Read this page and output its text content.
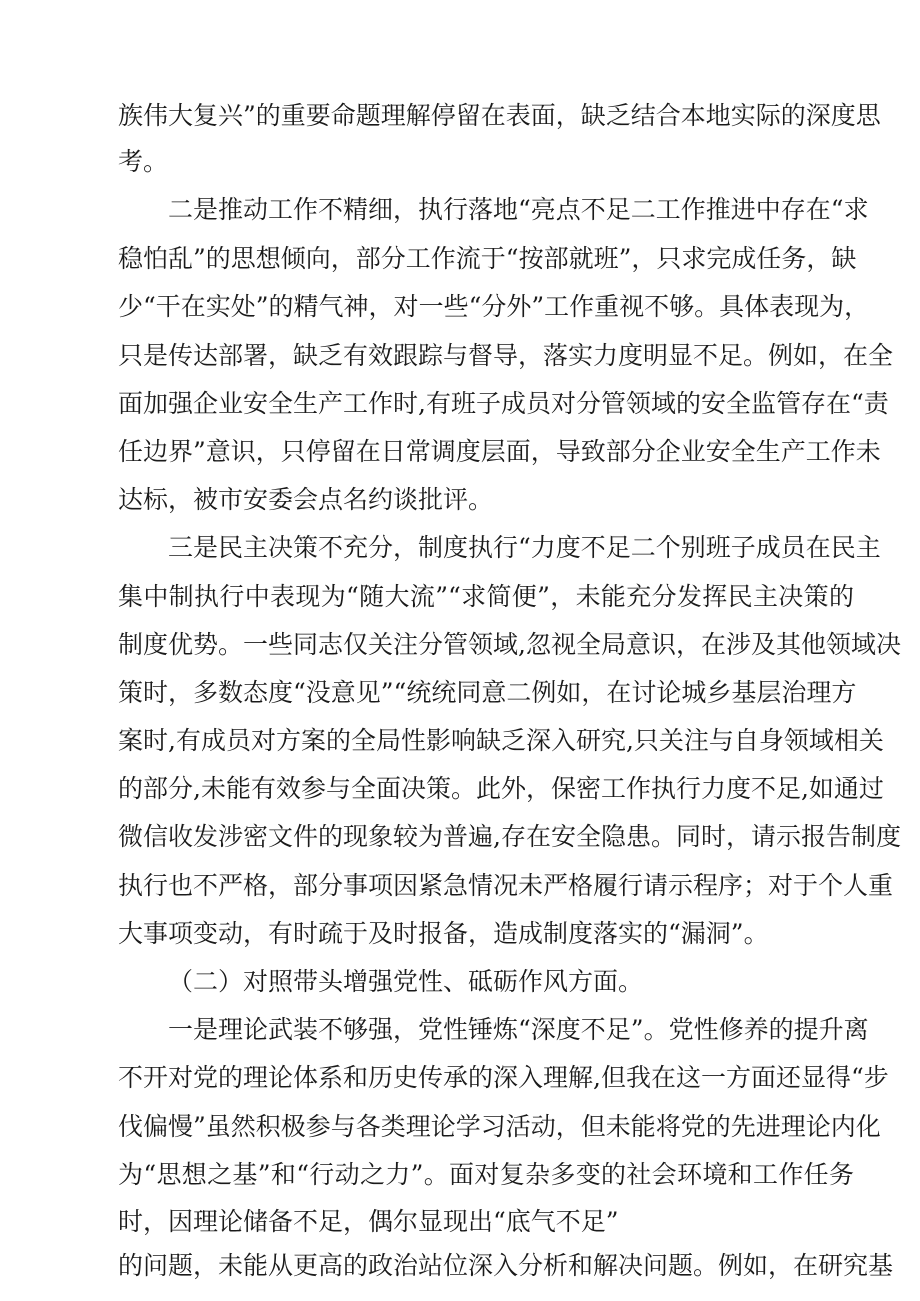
族伟大复兴”的重要命题理解停留在表面，缺乏结合本地实际的深度思
考。
二是推动工作不精细，执行落地“亮点不足二工作推进中存在“求
稳怕乱”的思想倾向，部分工作流于“按部就班”，只求完成任务，缺
少“干在实处”的精气神，对一些“分外”工作重视不够。具体表现为，
只是传达部署，缺乏有效跟踪与督导，落实力度明显不足。例如，在全
面加强企业安全生产工作时,有班子成员对分管领域的安全监管存在“责
任边界”意识，只停留在日常调度层面，导致部分企业安全生产工作未
达标，被市安委会点名约谈批评。
三是民主决策不充分，制度执行“力度不足二个别班子成员在民主
集中制执行中表现为“随大流”“求简便”，未能充分发挥民主决策的
制度优势。一些同志仅关注分管领域,忽视全局意识，在涉及其他领域决
策时，多数态度“没意见”“统统同意二例如，在讨论城乡基层治理方
案时,有成员对方案的全局性影响缺乏深入研究,只关注与自身领域相关
的部分,未能有效参与全面决策。此外，保密工作执行力度不足,如通过
微信收发涉密文件的现象较为普遍,存在安全隐患。同时，请示报告制度
执行也不严格，部分事项因紧急情况未严格履行请示程序；对于个人重
大事项变动，有时疏于及时报备，造成制度落实的“漏洞”。
（二）对照带头增强党性、砥砺作风方面。
一是理论武装不够强，党性锤炼“深度不足”。党性修养的提升离
不开对党的理论体系和历史传承的深入理解,但我在这一方面还显得“步
伐偏慢”虽然积极参与各类理论学习活动，但未能将党的先进理论内化
为“思想之基”和“行动之力”。面对复杂多变的社会环境和工作任务
时，因理论储备不足，偶尔显现出“底气不足”
的问题，未能从更高的政治站位深入分析和解决问题。例如，在研究基
